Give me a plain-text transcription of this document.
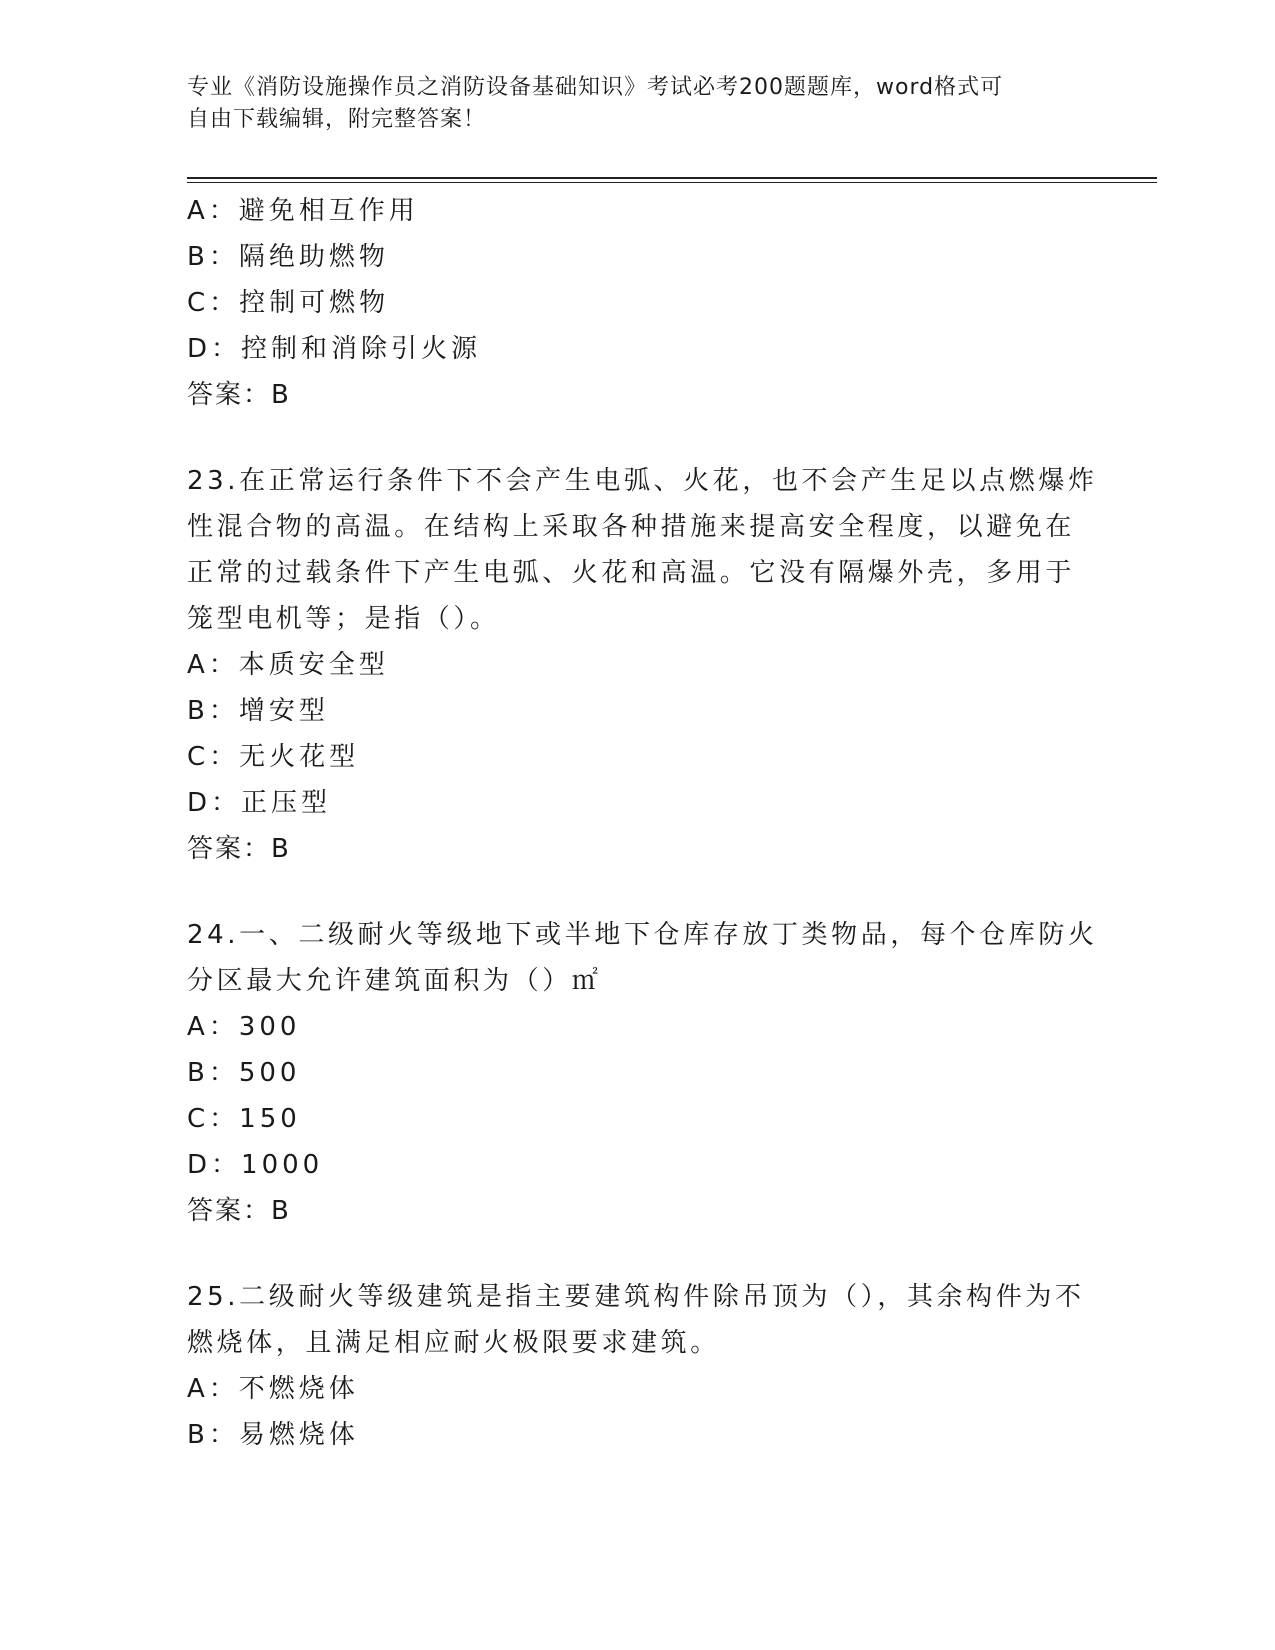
专业《消防设施操作员之消防设备基础知识》考试必考200题题库，word格式可
自由下载编辑，附完整答案！
A：避免相互作用
B：隔绝助燃物
C：控制可燃物
D：控制和消除引火源
答案：B
23.在正常运行条件下不会产生电弧、火花，也不会产生足以点燃爆炸
性混合物的高温。在结构上采取各种措施来提高安全程度，以避免在
正常的过载条件下产生电弧、火花和高温。它没有隔爆外壳，多用于
笼型电机等；是指（）。
A：本质安全型
B：增安型
C：无火花型
D：正压型
答案：B
24.一、二级耐火等级地下或半地下仓库存放丁类物品，每个仓库防火
分区最大允许建筑面积为（）㎡
A：300
B：500
C：150
D：1000
答案：B
25.二级耐火等级建筑是指主要建筑构件除吊顶为（），其余构件为不
燃烧体，且满足相应耐火极限要求建筑。
A：不燃烧体
B：易燃烧体
